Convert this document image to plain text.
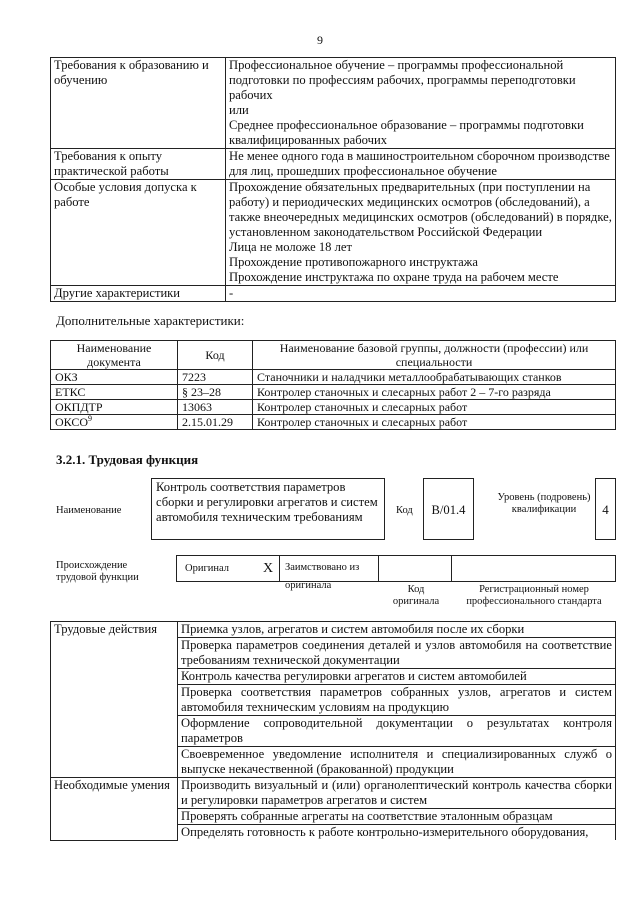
9
Требования к образованию и обучению	Профессиональное обучение – программы профессиональной подготовки по профессиям рабочих, программы переподготовки рабочих
или
Среднее профессиональное образование – программы подготовки квалифицированных рабочих

Требования к опыту практической работы	Не менее одного года в машиностроительном сборочном производстве для лиц, прошедших профессиональное обучение

Особые условия допуска к работе	Прохождение обязательных предварительных (при поступлении на работу) и периодических медицинских осмотров (обследований), а также внеочередных медицинских осмотров (обследований) в порядке, установленном законодательством Российской Федерации
Лица не моложе 18 лет
Прохождение противопожарного инструктажа
Прохождение инструктажа по охране труда на рабочем месте

Другие характеристики	-
Дополнительные характеристики:
Наименование документа	Код	Наименование базовой группы, должности (профессии) или специальности
ОКЗ	7223	Станочники и наладчики металлообрабатывающих станков
ЕТКС	§ 23–28	Контролер станочных и слесарных работ 2 – 7-го разряда
ОКПДТР	13063	Контролер станочных и слесарных работ
ОКСО$^9$	2.15.01.29	Контролер станочных и слесарных работ
3.2.1. Трудовая функция
Наименование
Контроль соответствия параметров сборки и регулировки агрегатов и систем автомобиля техническим требованиям	Код	В/01.4
Уровень (подровень) квалификации	4
Происхождение трудовой функции
Оригинал X	Заимствовано из оригинала	Код оригинала
Регистрационный номер профессионального стандарта
Трудовые действия	Приемка узлов, агрегатов и систем автомобиля после их сборки
	Проверка параметров соединения деталей и узлов автомобиля на соответствие требованиям технической документации
	Контроль качества регулировки агрегатов и систем автомобилей
	Проверка соответствия параметров собранных узлов, агрегатов и систем автомобиля техническим условиям на продукцию
	Оформление сопроводительной документации о результатах контроля параметров
	Своевременное уведомление исполнителя и специализированных служб о выпуске некачественной (бракованной) продукции
Необходимые умения	Производить визуальный и (или) органолептический контроль качества сборки и регулировки параметров агрегатов и систем
	Проверять собранные агрегаты на соответствие эталонным образцам
	Определять готовность к работе контрольно-измерительного оборудования,
